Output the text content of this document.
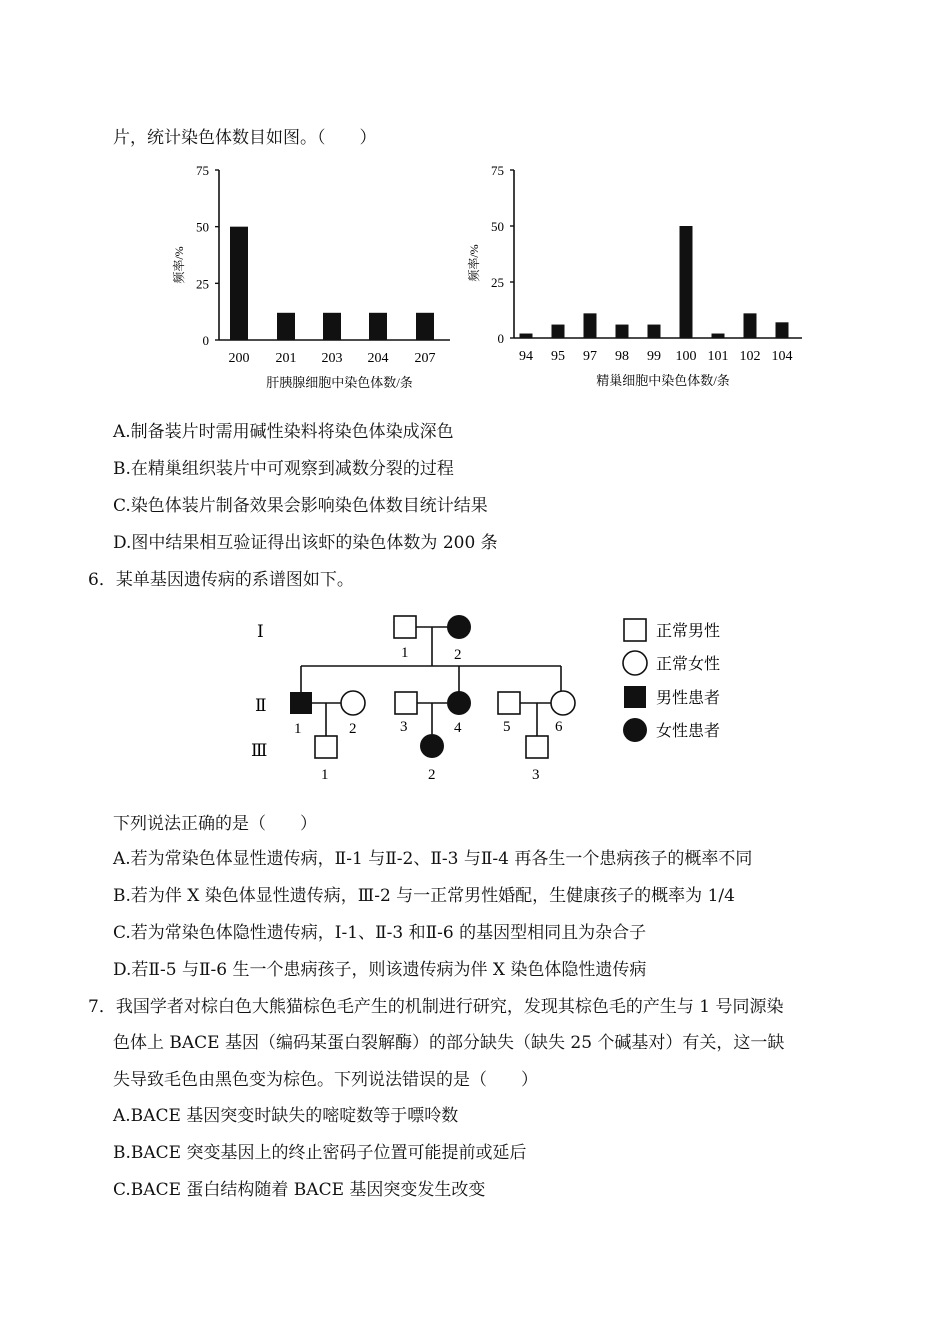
片，统计染色体数目如图。（　　）
0
25
50
75
频率/%
200 201 203 204 207
肝胰腺细胞中染色体数/条
0
25
50
75
频率/%
94 95 97 98 99 100 101 102 104
精巢细胞中染色体数/条
A.制备装片时需用碱性染料将染色体染成深色
B.在精巢组织装片中可观察到减数分裂的过程
C.染色体装片制备效果会影响染色体数目统计结果
D.图中结果相互验证得出该虾的染色体数为 200 条
6．某单基因遗传病的系谱图如下。
Ⅰ
Ⅱ
Ⅲ
1	2
1	2	3	4	5	6
1	2	3
正常男性
正常女性
男性患者
女性患者
下列说法正确的是（　　）
A.若为常染色体显性遗传病，Ⅱ-1 与Ⅱ-2、Ⅱ-3 与Ⅱ-4 再各生一个患病孩子的概率不同
B.若为伴 X 染色体显性遗传病，Ⅲ-2 与一正常男性婚配，生健康孩子的概率为 1/4
C.若为常染色体隐性遗传病，Ⅰ-1、Ⅱ-3 和Ⅱ-6 的基因型相同且为杂合子
D.若Ⅱ-5 与Ⅱ-6 生一个患病孩子，则该遗传病为伴 X 染色体隐性遗传病
7．我国学者对棕白色大熊猫棕色毛产生的机制进行研究，发现其棕色毛的产生与 1 号同源染
色体上 BACE 基因（编码某蛋白裂解酶）的部分缺失（缺失 25 个碱基对）有关，这一缺
失导致毛色由黑色变为棕色。下列说法错误的是（　　）
A.BACE 基因突变时缺失的嘧啶数等于嘌呤数
B.BACE 突变基因上的终止密码子位置可能提前或延后
C.BACE 蛋白结构随着 BACE 基因突变发生改变
